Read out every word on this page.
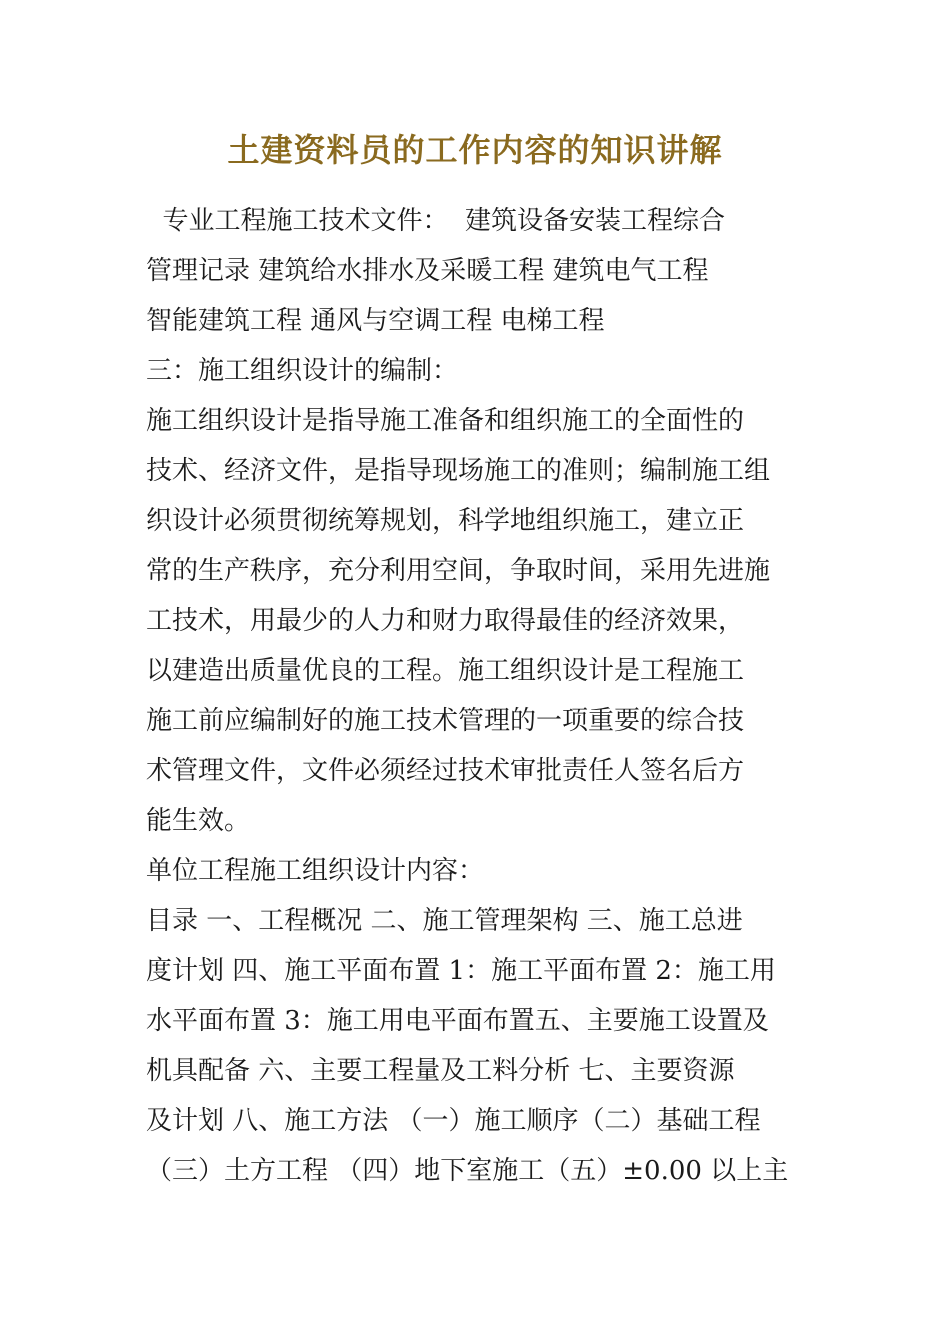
土建资料员的工作内容的知识讲解
专业工程施工技术文件：  建筑设备安装工程综合
管理记录 建筑给水排水及采暖工程 建筑电气工程
智能建筑工程 通风与空调工程 电梯工程
三：施工组织设计的编制：
施工组织设计是指导施工准备和组织施工的全面性的
技术、经济文件，是指导现场施工的准则；编制施工组
织设计必须贯彻统筹规划，科学地组织施工，建立正
常的生产秩序，充分利用空间，争取时间，采用先进施
工技术，用最少的人力和财力取得最佳的经济效果，
以建造出质量优良的工程。施工组织设计是工程施工
施工前应编制好的施工技术管理的一项重要的综合技
术管理文件，文件必须经过技术审批责任人签名后方
能生效。
单位工程施工组织设计内容：
目录 一、工程概况 二、施工管理架构 三、施工总进
度计划 四、施工平面布置 1：施工平面布置 2：施工用
水平面布置 3：施工用电平面布置五、主要施工设置及
机具配备 六、主要工程量及工料分析 七、主要资源
及计划 八、施工方法 （一）施工顺序（二）基础工程
（三）土方工程 （四）地下室施工（五）±0.00 以上主
